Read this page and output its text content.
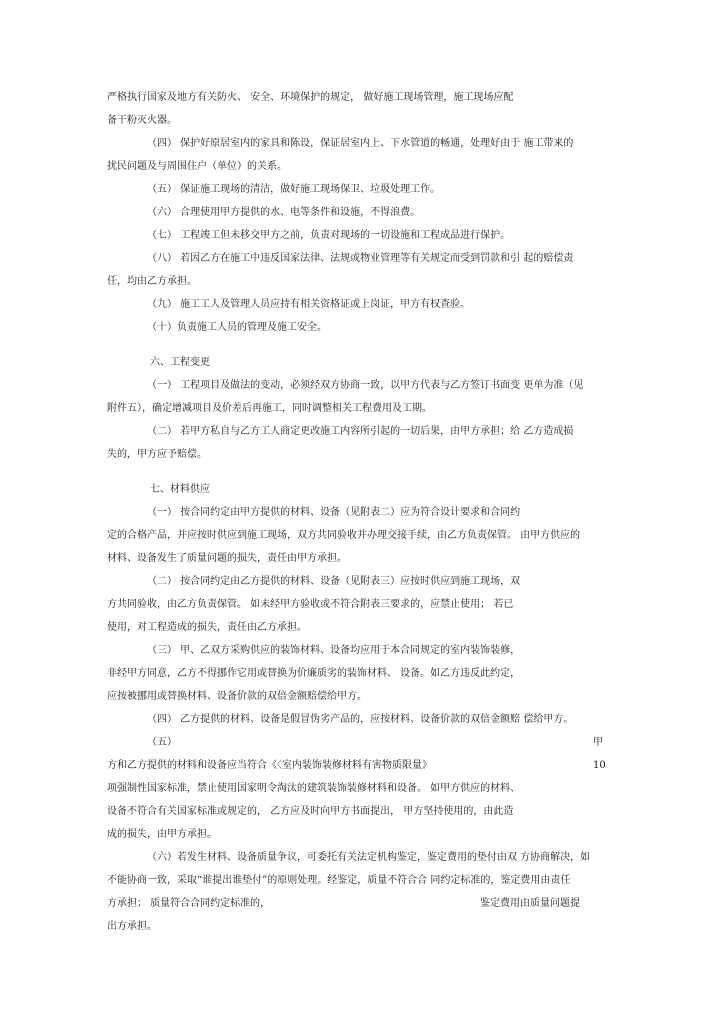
严格执行国家及地方有关防火、 安全、环境保护的规定， 做好施工现场管理，施工现场应配
备干粉灭火器。
（四） 保护好原居室内的家具和陈设，保证居室内上、下水管道的畅通，处理好由于 施工带来的
扰民问题及与周围住户（单位）的关系。
（五） 保证施工现场的清洁，做好施工现场保卫、垃圾处理工作。
（六） 合理使用甲方提供的水、电等条件和设施，不得浪费。
（七） 工程竣工但未移交甲方之前，负责对现场的一切设施和工程成品进行保护。
（八） 若因乙方在施工中违反国家法律、法规或物业管理等有关规定而受到罚款和引 起的赔偿责
任，均由乙方承担。
（九） 施工工人及管理人员应持有相关资格证或上岗证，甲方有权查验。
（十）负责施工人员的管理及施工安全。
六、工程变更
（一） 工程项目及做法的变动，必须经双方协商一致，以甲方代表与乙方签订书面变 更单为准（见
附件五），确定增减项目及价差后再施工，同时调整相关工程费用及工期。
（二） 若甲方私自与乙方工人商定更改施工内容所引起的一切后果，由甲方承担；给 乙方造成损
失的，甲方应予赔偿。
七、材料供应
（一） 按合同约定由甲方提供的材料、设备（见附表二）应为符合设计要求和合同约
定的合格产品，并应按时供应到施工现场，双方共同验收并办理交接手续，由乙方负责保管。 由甲方供应的
材料、设备发生了质量问题的损失，责任由甲方承担。
（二） 按合同约定由乙方提供的材料、设备（见附表三）应按时供应到施工现场，双
方共同验收，由乙方负责保管。 如未经甲方验收或不符合附表三要求的，应禁止使用； 若已
使用，对工程造成的损失，责任由乙方承担。
（三） 甲、乙双方采购供应的装饰材料、设备均应用于本合同规定的室内装饰装修，
非经甲方同意，乙方不得挪作它用或替换为价廉质劣的装饰材料、 设备。如乙方违反此约定，
应按被挪用或替换材料、设备价款的双倍金额赔偿给甲方。
（四） 乙方提供的材料、设备是假冒伪劣产品的，应按材料、设备价款的双倍金额赔 偿给甲方。
（五）	甲
方和乙方提供的材料和设备应当符合《〈室内装饰装修材料有害物质限量》	10
项强制性国家标准，禁止使用国家明令淘汰的建筑装饰装修材料和设备。 如甲方供应的材料、
设备不符合有关国家标准或规定的， 乙方应及时向甲方书面提出， 甲方坚持使用的，由此造
成的损失，由甲方承担。
（六）若发生材料、设备质量争议，可委托有关法定机构鉴定，鉴定费用的垫付由双 方协商解决，如
不能协商一致，采取“谁提出谁垫付”的原则处理。经鉴定，质量不符合合 同约定标准的，鉴定费用由责任
方承担； 质量符合合同约定标准的，	鉴定费用由质量问题提
出方承担。
